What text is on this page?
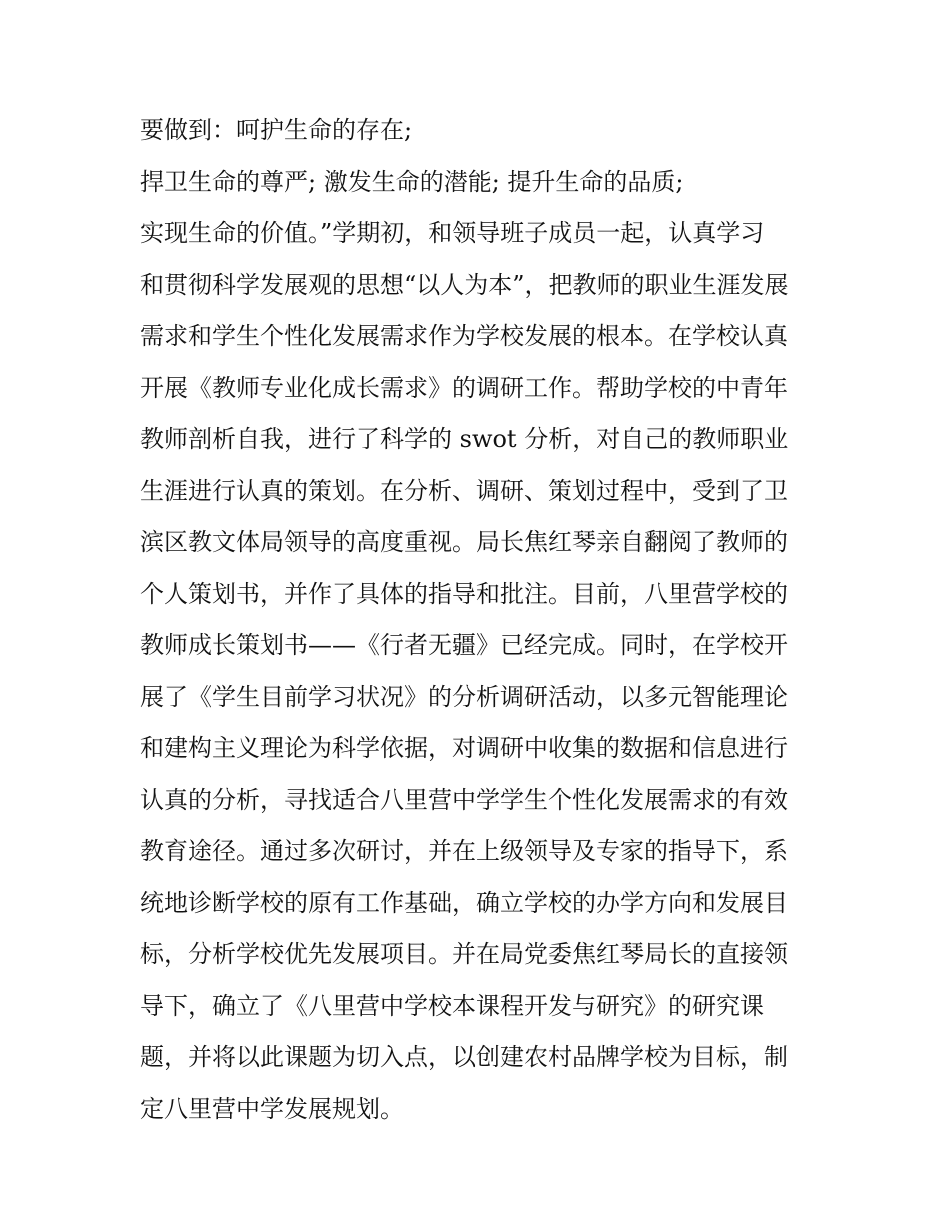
要做到：呵护生命的存在;
捍卫生命的尊严; 激发生命的潜能; 提升生命的品质;
实现生命的价值。”学期初，和领导班子成员一起，认真学习
和贯彻科学发展观的思想“以人为本”，把教师的职业生涯发展
需求和学生个性化发展需求作为学校发展的根本。在学校认真
开展《教师专业化成长需求》的调研工作。帮助学校的中青年
教师剖析自我，进行了科学的 swot 分析，对自己的教师职业
生涯进行认真的策划。在分析、调研、策划过程中，受到了卫
滨区教文体局领导的高度重视。局长焦红琴亲自翻阅了教师的
个人策划书，并作了具体的指导和批注。目前，八里营学校的
教师成长策划书——《行者无疆》已经完成。同时，在学校开
展了《学生目前学习状况》的分析调研活动，以多元智能理论
和建构主义理论为科学依据，对调研中收集的数据和信息进行
认真的分析，寻找适合八里营中学学生个性化发展需求的有效
教育途径。通过多次研讨，并在上级领导及专家的指导下，系
统地诊断学校的原有工作基础，确立学校的办学方向和发展目
标，分析学校优先发展项目。并在局党委焦红琴局长的直接领
导下，确立了《八里营中学校本课程开发与研究》的研究课
题，并将以此课题为切入点，以创建农村品牌学校为目标，制
定八里营中学发展规划。
